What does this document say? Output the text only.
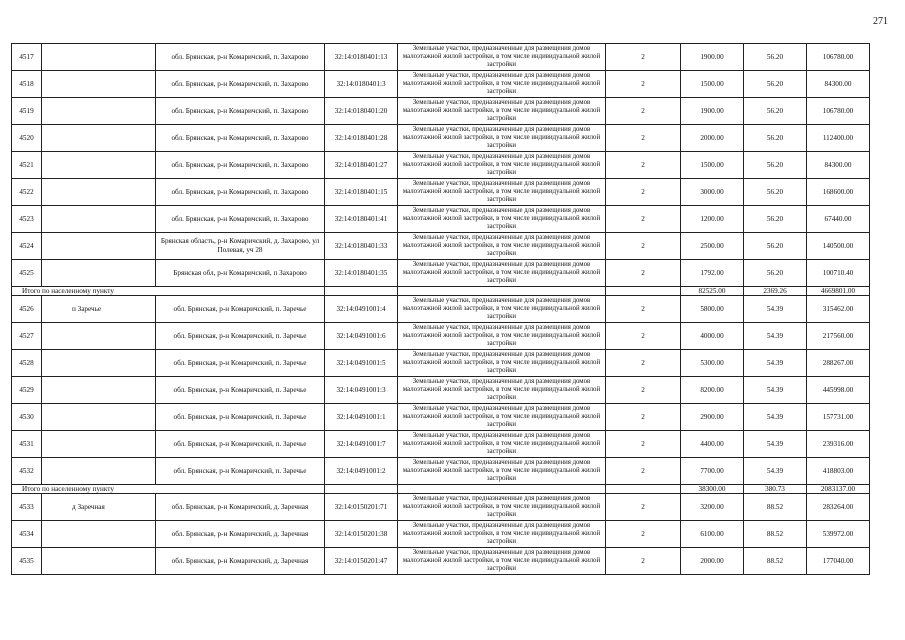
271
4517		обл. Брянская, р-н Комаричский, п. Захарово	32:14:0180401:13	Земельные участки, предназначенные для размещения домов малоэтажной жилой застройки, в том числе индивидуальной жилой застройки	2	1900.00	56.20	106780.00
4518		обл. Брянская, р-н Комаричский, п. Захарово	32:14:0180401:3	Земельные участки, предназначенные для размещения домов малоэтажной жилой застройки, в том числе индивидуальной жилой застройки	2	1500.00	56.20	84300.00
4519		обл. Брянская, р-н Комаричский, п. Захарово	32:14:0180401:20	Земельные участки, предназначенные для размещения домов малоэтажной жилой застройки, в том числе индивидуальной жилой застройки	2	1900.00	56.20	106780.00
4520		обл. Брянская, р-н Комаричский, п. Захарово	32:14:0180401:28	Земельные участки, предназначенные для размещения домов малоэтажной жилой застройки, в том числе индивидуальной жилой застройки	2	2000.00	56.20	112400.00
4521		обл. Брянская, р-н Комаричский, п. Захарово	32:14:0180401:27	Земельные участки, предназначенные для размещения домов малоэтажной жилой застройки, в том числе индивидуальной жилой застройки	2	1500.00	56.20	84300.00
4522		обл. Брянская, р-н Комаричский, п. Захарово	32:14:0180401:15	Земельные участки, предназначенные для размещения домов малоэтажной жилой застройки, в том числе индивидуальной жилой застройки	2	3000.00	56.20	168600.00
4523		обл. Брянская, р-н Комаричский, п. Захарово	32:14:0180401:41	Земельные участки, предназначенные для размещения домов малоэтажной жилой застройки, в том числе индивидуальной жилой застройки	2	1200.00	56.20	67440.00
4524		Брянская область, р-н Комаричский, д. Захарово, ул Полевая, уч 28	32:14:0180401:33	Земельные участки, предназначенные для размещения домов малоэтажной жилой застройки, в том числе индивидуальной жилой застройки	2	2500.00	56.20	140500.00
4525		Брянская обл, р-н Комаричский, п Захарово	32:14:0180401:35	Земельные участки, предназначенные для размещения домов малоэтажной жилой застройки, в том числе индивидуальной жилой застройки	2	1792.00	56.20	100710.40
Итого по населенному пункту						82525.00	2369.26	4669801.00
4526	п Заречье	обл. Брянская, р-н Комаричский, п. Заречье	32:14:0491001:4	Земельные участки, предназначенные для размещения домов малоэтажной жилой застройки, в том числе индивидуальной жилой застройки	2	5800.00	54.39	315462.00
4527		обл. Брянская, р-н Комаричский, п. Заречье	32:14:0491001:6	Земельные участки, предназначенные для размещения домов малоэтажной жилой застройки, в том числе индивидуальной жилой застройки	2	4000.00	54.39	217560.00
4528		обл. Брянская, р-н Комаричский, п. Заречье	32:14:0491001:5	Земельные участки, предназначенные для размещения домов малоэтажной жилой застройки, в том числе индивидуальной жилой застройки	2	5300.00	54.39	288267.00
4529		обл. Брянская, р-н Комаричский, п. Заречье	32:14:0491001:3	Земельные участки, предназначенные для размещения домов малоэтажной жилой застройки, в том числе индивидуальной жилой застройки	2	8200.00	54.39	445998.00
4530		обл. Брянская, р-н Комаричский, п. Заречье	32:14:0491001:1	Земельные участки, предназначенные для размещения домов малоэтажной жилой застройки, в том числе индивидуальной жилой застройки	2	2900.00	54.39	157731.00
4531		обл. Брянская, р-н Комаричский, п. Заречье	32:14:0491001:7	Земельные участки, предназначенные для размещения домов малоэтажной жилой застройки, в том числе индивидуальной жилой застройки	2	4400.00	54.39	239316.00
4532		обл. Брянская, р-н Комаричский, п. Заречье	32:14:0491001:2	Земельные участки, предназначенные для размещения домов малоэтажной жилой застройки, в том числе индивидуальной жилой застройки	2	7700.00	54.39	418803.00
Итого по населенному пункту						38300.00	380.73	2083137.00
4533	д Заречная	обл. Брянская, р-н Комаричский, д. Заречная	32:14:0150201:71	Земельные участки, предназначенные для размещения домов малоэтажной жилой застройки, в том числе индивидуальной жилой застройки	2	3200.00	88.52	283264.00
4534		обл. Брянская, р-н Комаричский, д. Заречная	32:14:0150201:38	Земельные участки, предназначенные для размещения домов малоэтажной жилой застройки, в том числе индивидуальной жилой застройки	2	6100.00	88.52	539972.00
4535		обл. Брянская, р-н Комаричский, д. Заречная	32:14:0150201:47	Земельные участки, предназначенные для размещения домов малоэтажной жилой застройки, в том числе индивидуальной жилой застройки	2	2000.00	88.52	177040.00
